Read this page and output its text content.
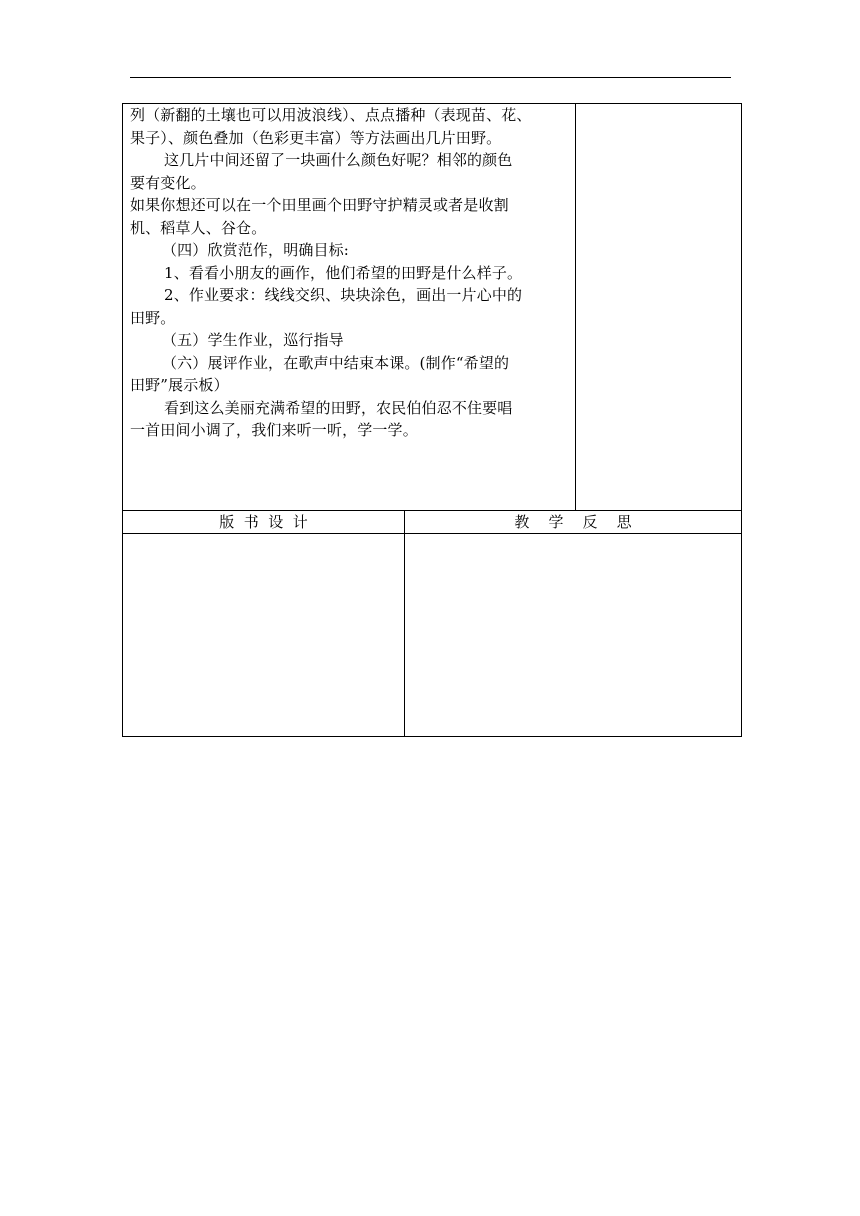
列（新翻的土壤也可以用波浪线）、点点播种（表现苗、花、

果子）、颜色叠加（色彩更丰富）等方法画出几片田野。

这几片中间还留了一块画什么颜色好呢？相邻的颜色

要有变化。

如果你想还可以在一个田里画个田野守护精灵或者是收割

机、稻草人、谷仓。

（四）欣赏范作，明确目标:

1、看看小朋友的画作，他们希望的田野是什么样子。

2、作业要求：线线交织、块块涂色，画出一片心中的

田野。

（五）学生作业，巡行指导

（六）展评作业，在歌声中结束本课。(制作“希望的

田野”展示板）

看到这么美丽充满希望的田野，农民伯伯忍不住要唱

一首田间小调了，我们来听一听，学一学。

版  书  设  计	教    学    反    思
